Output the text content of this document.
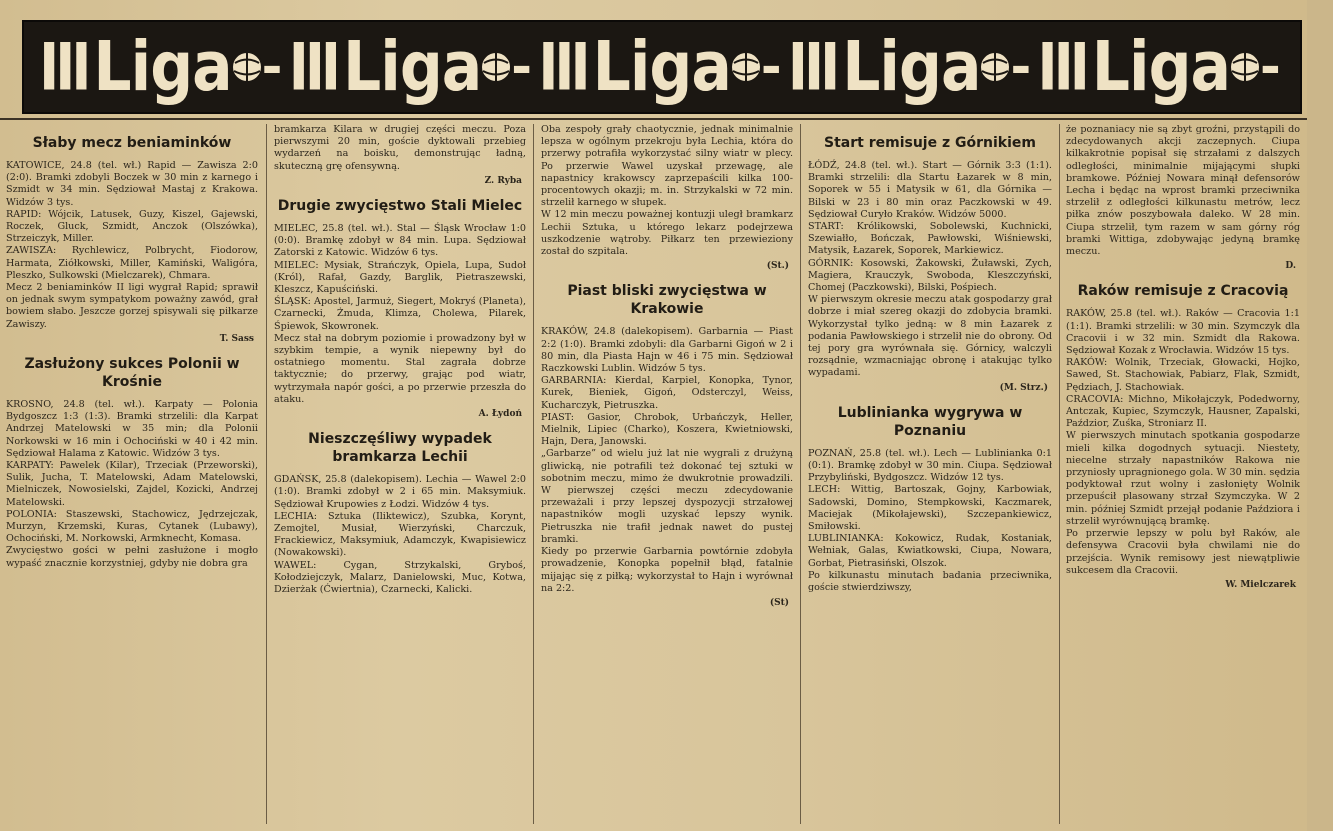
III Liga - III Liga - III Liga - III Liga - III Liga -
Słaby mecz beniaminków

KATOWICE, 24.8 (tel. wł.) Rapid — Zawisza 2:0 (2:0). Bramki zdobyli Boczek w 30 min z karnego i Szmidt w 34 min. Sędziował Mastaj z Krakowa. Widzów 3 tys.

RAPID: Wójcik, Latusek, Guzy, Kiszel, Gajewski, Roczek, Gluck, Szmidt, Anczok (Olszówka), Strzeiczyk, Miller.

ZAWISZA: Rychlewicz, Polbrycht, Fiodorow, Harmata, Ziółkowski, Miller, Kamiński, Waligóra, Pleszko, Sulkowski (Mielczarek), Chmara.

Mecz 2 beniaminków II ligi wygrał Rapid; sprawił on jednak swym sympatykom poważny zawód, grał bowiem słabo. Jeszcze gorzej spisywali się piłkarze Zawiszy.

T. Sass
Zasłużony sukces Polonii w Krośnie

KROSNO, 24.8 (tel. wł.). Karpaty — Polonia Bydgoszcz 1:3 (1:3). Bramki strzelili: dla Karpat Andrzej Matelowski w 35 min; dla Polonii Norkowski w 16 min i Ochociński w 40 i 42 min. Sędziował Halama z Katowic. Widzów 3 tys.

KARPATY: Pawelek (Kilar), Trzeciak (Przeworski), Sulik, Jucha, T. Matelowski, Adam Matelowski, Mielniczek, Nowosielski, Zajdel, Kozicki, Andrzej Matelowski.

POLONIA: Staszewski, Stachowicz, Jędrzejczak, Murzyn, Krzemski, Kuras, Cytanek (Lubawy), Ochociński, M. Norkowski, Armknecht, Komasa.

Zwycięstwo gości w pełni zasłużone i mogło wypaść znacznie korzystniej, gdyby nie dobra gra

bramkarza Kilara w drugiej części meczu. Poza pierwszymi 20 min, goście dyktowali przebieg wydarzeń na boisku, demonstrując ładną, skuteczną grę ofensywną.

Z. Ryba
Drugie zwycięstwo Stali Mielec

MIELEC, 25.8 (tel. wł.). Stal — Śląsk Wrocław 1:0 (0:0). Bramkę zdobył w 84 min. Lupa. Sędziował Zatorski z Katowic. Widzów 6 tys.

MIELEC: Mysiak, Strańczyk, Opiela, Lupa, Sudoł (Król), Rafał, Gazdy, Barglik, Pietraszewski, Kleszcz, Kapuściński.

ŚLĄSK: Apostel, Jarmuż, Siegert, Mokryś (Planeta), Czarnecki, Żmuda, Klimza, Cholewa, Pilarek, Śpiewok, Skowronek.

Mecz stał na dobrym poziomie i prowadzony był w szybkim tempie, a wynik niepewny był do ostatniego momentu. Stal zagrała dobrze taktycznie; do przerwy, grając pod wiatr, wytrzymała napór gości, a po przerwie przeszła do ataku.

A. Łydoń
Nieszczęśliwy wypadek bramkarza Lechii

GDAŃSK, 25.8 (dalekopisem). Lechia — Wawel 2:0 (1:0). Bramki zdobył w 2 i 65 min. Maksymiuk. Sędziował Krupowies z Łodzi. Widzów 4 tys.

LECHIA: Sztuka (Iliktewicz), Szubka, Korynt, Zemojtel, Musiał, Wierzyński, Charczuk, Frackiewicz, Maksymiuk, Adamczyk, Kwapisiewicz (Nowakowski).

WAWEL: Cygan, Strzykalski, Gryboś, Kołodziejczyk, Malarz, Danielowski, Muc, Kotwa, Dzierżak (Ćwiertnia), Czarnecki, Kalicki.

Oba zespoły grały chaotycznie, jednak minimalnie lepsza w ogólnym przekroju była Lechia, która do przerwy potrafiła wykorzystać silny wiatr w plecy. Po przerwie Wawel uzyskał przewagę, ale napastnicy krakowscy zaprzepaścili kilka 100-procentowych okazji; m. in. Strzykalski w 72 min. strzelił karnego w słupek.

W 12 min meczu poważnej kontuzji uległ bramkarz Lechii Sztuka, u którego lekarz podejrzewa uszkodzenie wątroby. Piłkarz ten przewieziony został do szpitala.

(St.)
Piast bliski zwycięstwa w Krakowie

KRAKÓW, 24.8 (dalekopisem). Garbarnia — Piast 2:2 (1:0). Bramki zdobyli: dla Garbarni Gigoń w 2 i 80 min, dla Piasta Hajn w 46 i 75 min. Sędziował Raczkowski Lublin. Widzów 5 tys.

GARBARNIA: Kierdal, Karpiel, Konopka, Tynor, Kurek, Bieniek, Gigoń, Odsterczyl, Weiss, Kucharczyk, Pietruszka.

PIAST: Gasior, Chrobok, Urbańczyk, Heller, Mielnik, Lipiec (Charko), Koszera, Kwietniowski, Hajn, Dera, Janowski.

„Garbarze” od wielu już lat nie wygrali z drużyną gliwicką, nie potrafili też dokonać tej sztuki w sobotnim meczu, mimo że dwukrotnie prowadzili. W pierwszej części meczu zdecydowanie przeważali i przy lepszej dyspozycji strzałowej napastników mogli uzyskać lepszy wynik. Pietruszka nie trafił jednak nawet do pustej bramki.

Kiedy po przerwie Garbarnia powtórnie zdobyła prowadzenie, Konopka popełnił błąd, fatalnie mijając się z piłką; wykorzystał to Hajn i wyrównał na 2:2.

(St)
Start remisuje z Górnikiem

ŁÓDŹ, 24.8 (tel. wł.). Start — Górnik 3:3 (1:1). Bramki strzelili: dla Startu Łazarek w 8 min, Soporek w 55 i Matysik w 61, dla Górnika — Bilski w 23 i 80 min oraz Paczkowski w 49. Sędziował Curyło Kraków. Widzów 5000.

START: Królikowski, Sobolewski, Kuchnicki, Szewiałło, Bończak, Pawłowski, Wiśniewski, Matysik, Łazarek, Soporek, Markiewicz.

GÓRNIK: Kosowski, Żakowski, Żuławski, Zych, Magiera, Krauczyk, Swoboda, Kleszczyński, Chomej (Paczkowski), Bilski, Pośpiech.

W pierwszym okresie meczu atak gospodarzy grał dobrze i miał szereg okazji do zdobycia bramki. Wykorzystał tylko jedną: w 8 min Łazarek z podania Pawłowskiego i strzelił nie do obrony. Od tej pory gra wyrównała się. Górnicy, walczyli rozsądnie, wzmacniając obronę i atakując tylko wypadami.

(M. Strz.)
Lublinianka wygrywa w Poznaniu

POZNAŃ, 25.8 (tel. wł.). Lech — Lublinianka 0:1 (0:1). Bramkę zdobył w 30 min. Ciupa. Sędziował Przybyliński, Bydgoszcz. Widzów 12 tys.

LECH: Wittig, Bartoszak, Gojny, Karbowiak, Sadowski, Domino, Stempkowski, Kaczmarek, Maciejak (Mikołajewski), Szczepankiewicz, Smiłowski.

LUBLINIANKA: Kokowicz, Rudak, Kostaniak, Wełniak, Galas, Kwiatkowski, Ciupa, Nowara, Gorbat, Pietrasiński, Olszok.

Po kilkunastu minutach badania przeciwnika, goście stwierdziwszy,

że poznaniacy nie są zbyt groźni, przystąpili do zdecydowanych akcji zaczepnych. Ciupa kilkakrotnie popisał się strzałami z dalszych odległości, minimalnie mijającymi słupki bramkowe. Później Nowara minął defensorów Lecha i będąc na wprost bramki przeciwnika strzelił z odległości kilkunastu metrów, lecz piłka znów poszybowała daleko. W 28 min. Ciupa strzelił, tym razem w sam górny róg bramki Wittiga, zdobywając jedyną bramkę meczu.

D.
Raków remisuje z Cracovią

RAKÓW, 25.8 (tel. wł.). Raków — Cracovia 1:1 (1:1). Bramki strzelili: w 30 min. Szymczyk dla Cracovii i w 32 min. Szmidt dla Rakowa. Sędziował Kozak z Wrocławia. Widzów 15 tys.

RAKÓW: Wolnik, Trzeciak, Głowacki, Hojko, Sawed, St. Stachowiak, Pabiarz, Flak, Szmidt, Pędziach, J. Stachowiak.

CRACOVIA: Michno, Mikołajczyk, Podedworny, Antczak, Kupiec, Szymczyk, Hausner, Zapalski, Paździor, Zuśka, Stroniarz II.

W pierwszych minutach spotkania gospodarze mieli kilka dogodnych sytuacji. Niestety, niecelne strzały napastników Rakowa nie przyniosły upragnionego gola. W 30 min. sędzia podyktował rzut wolny i zasłonięty Wolnik przepuścił plasowany strzał Szymczyka. W 2 min. później Szmidt przejął podanie Paździora i strzelił wyrównującą bramkę.

Po przerwie lepszy w polu był Raków, ale defensywa Cracovii była chwilami nie do przejścia. Wynik remisowy jest niewątpliwie sukcesem dla Cracovii.

W. Mielczarek
